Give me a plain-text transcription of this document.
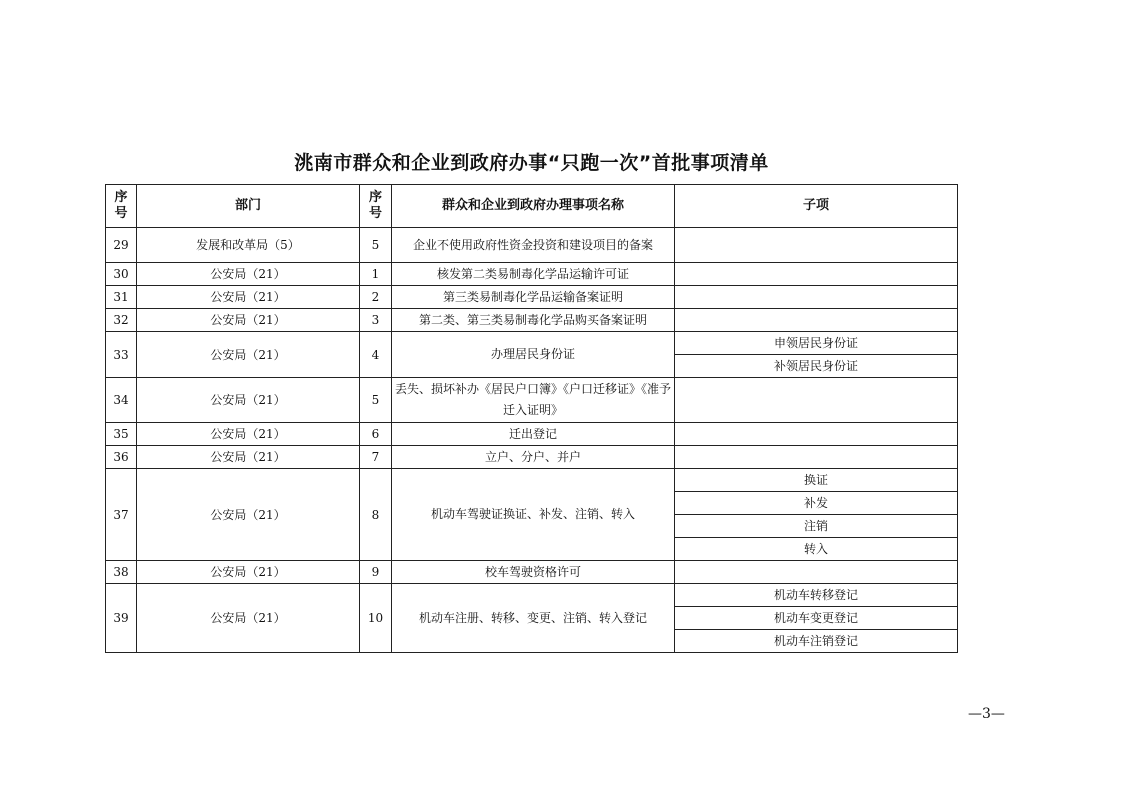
洮南市群众和企业到政府办事“只跑一次”首批事项清单
序号	部门	序号	群众和企业到政府办理事项名称	子项
29	发展和改革局（5）	5	企业不使用政府性资金投资和建设项目的备案	
30	公安局（21）	1	核发第二类易制毒化学品运输许可证	
31	公安局（21）	2	第三类易制毒化学品运输备案证明	
32	公安局（21）	3	第二类、第三类易制毒化学品购买备案证明	
33	公安局（21）	4	办理居民身份证	申领居民身份证
				补领居民身份证
34	公安局（21）	5	丢失、损坏补办《居民户口簿》《户口迁移证》《准予迁入证明》	
35	公安局（21）	6	迁出登记	
36	公安局（21）	7	立户、分户、并户	
37	公安局（21）	8	机动车驾驶证换证、补发、注销、转入	换证
				补发
				注销
				转入
38	公安局（21）	9	校车驾驶资格许可	
39	公安局（21）	10	机动车注册、转移、变更、注销、转入登记	机动车转移登记
				机动车变更登记
				机动车注销登记
—3—
